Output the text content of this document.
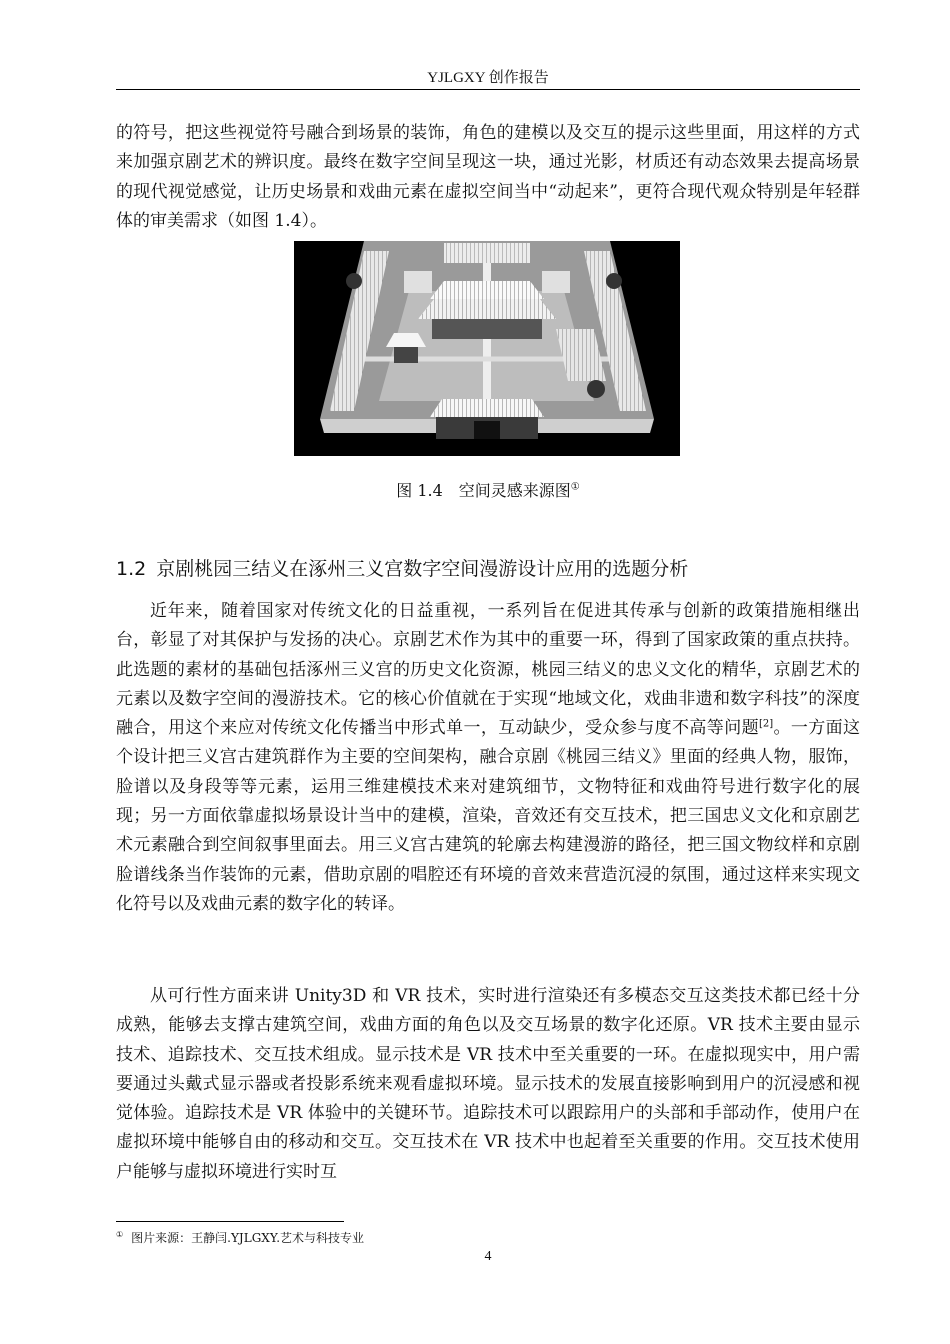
YJLGXY 创作报告

的符号，把这些视觉符号融合到场景的装饰，角色的建模以及交互的提示这些里面，用这样的方式来加强京剧艺术的辨识度。最终在数字空间呈现这一块，通过光影，材质还有动态效果去提高场景的现代视觉感觉，让历史场景和戏曲元素在虚拟空间当中“动起来”，更符合现代观众特别是年轻群体的审美需求（如图 1.4）。

图 1.4　空间灵感来源图①
1.2 京剧桃园三结义在涿州三义宫数字空间漫游设计应用的选题分析

近年来，随着国家对传统文化的日益重视，一系列旨在促进其传承与创新的政策措施相继出台，彰显了对其保护与发扬的决心。京剧艺术作为其中的重要一环，得到了国家政策的重点扶持。此选题的素材的基础包括涿州三义宫的历史文化资源，桃园三结义的忠义文化的精华，京剧艺术的元素以及数字空间的漫游技术。它的核心价值就在于实现“地域文化，戏曲非遗和数字科技”的深度融合，用这个来应对传统文化传播当中形式单一，互动缺少，受众参与度不高等问题[2]。一方面这个设计把三义宫古建筑群作为主要的空间架构，融合京剧《桃园三结义》里面的经典人物，服饰，脸谱以及身段等等元素，运用三维建模技术来对建筑细节，文物特征和戏曲符号进行数字化的展现；另一方面依靠虚拟场景设计当中的建模，渲染，音效还有交互技术，把三国忠义文化和京剧艺术元素融合到空间叙事里面去。用三义宫古建筑的轮廓去构建漫游的路径，把三国文物纹样和京剧脸谱线条当作装饰的元素，借助京剧的唱腔还有环境的音效来营造沉浸的氛围，通过这样来实现文化符号以及戏曲元素的数字化的转译。

从可行性方面来讲 Unity3D 和 VR 技术，实时进行渲染还有多模态交互这类技术都已经十分成熟，能够去支撑古建筑空间，戏曲方面的角色以及交互场景的数字化还原。VR 技术主要由显示技术、追踪技术、交互技术组成。显示技术是 VR 技术中至关重要的一环。在虚拟现实中，用户需要通过头戴式显示器或者投影系统来观看虚拟环境。显示技术的发展直接影响到用户的沉浸感和视觉体验。追踪技术是 VR 体验中的关键环节。追踪技术可以跟踪用户的头部和手部动作，使用户在虚拟环境中能够自由的移动和交互。交互技术在 VR 技术中也起着至关重要的作用。交互技术使用户能够与虚拟环境进行实时互

① 图片来源：王静闫.YJLGXY.艺术与科技专业
4
